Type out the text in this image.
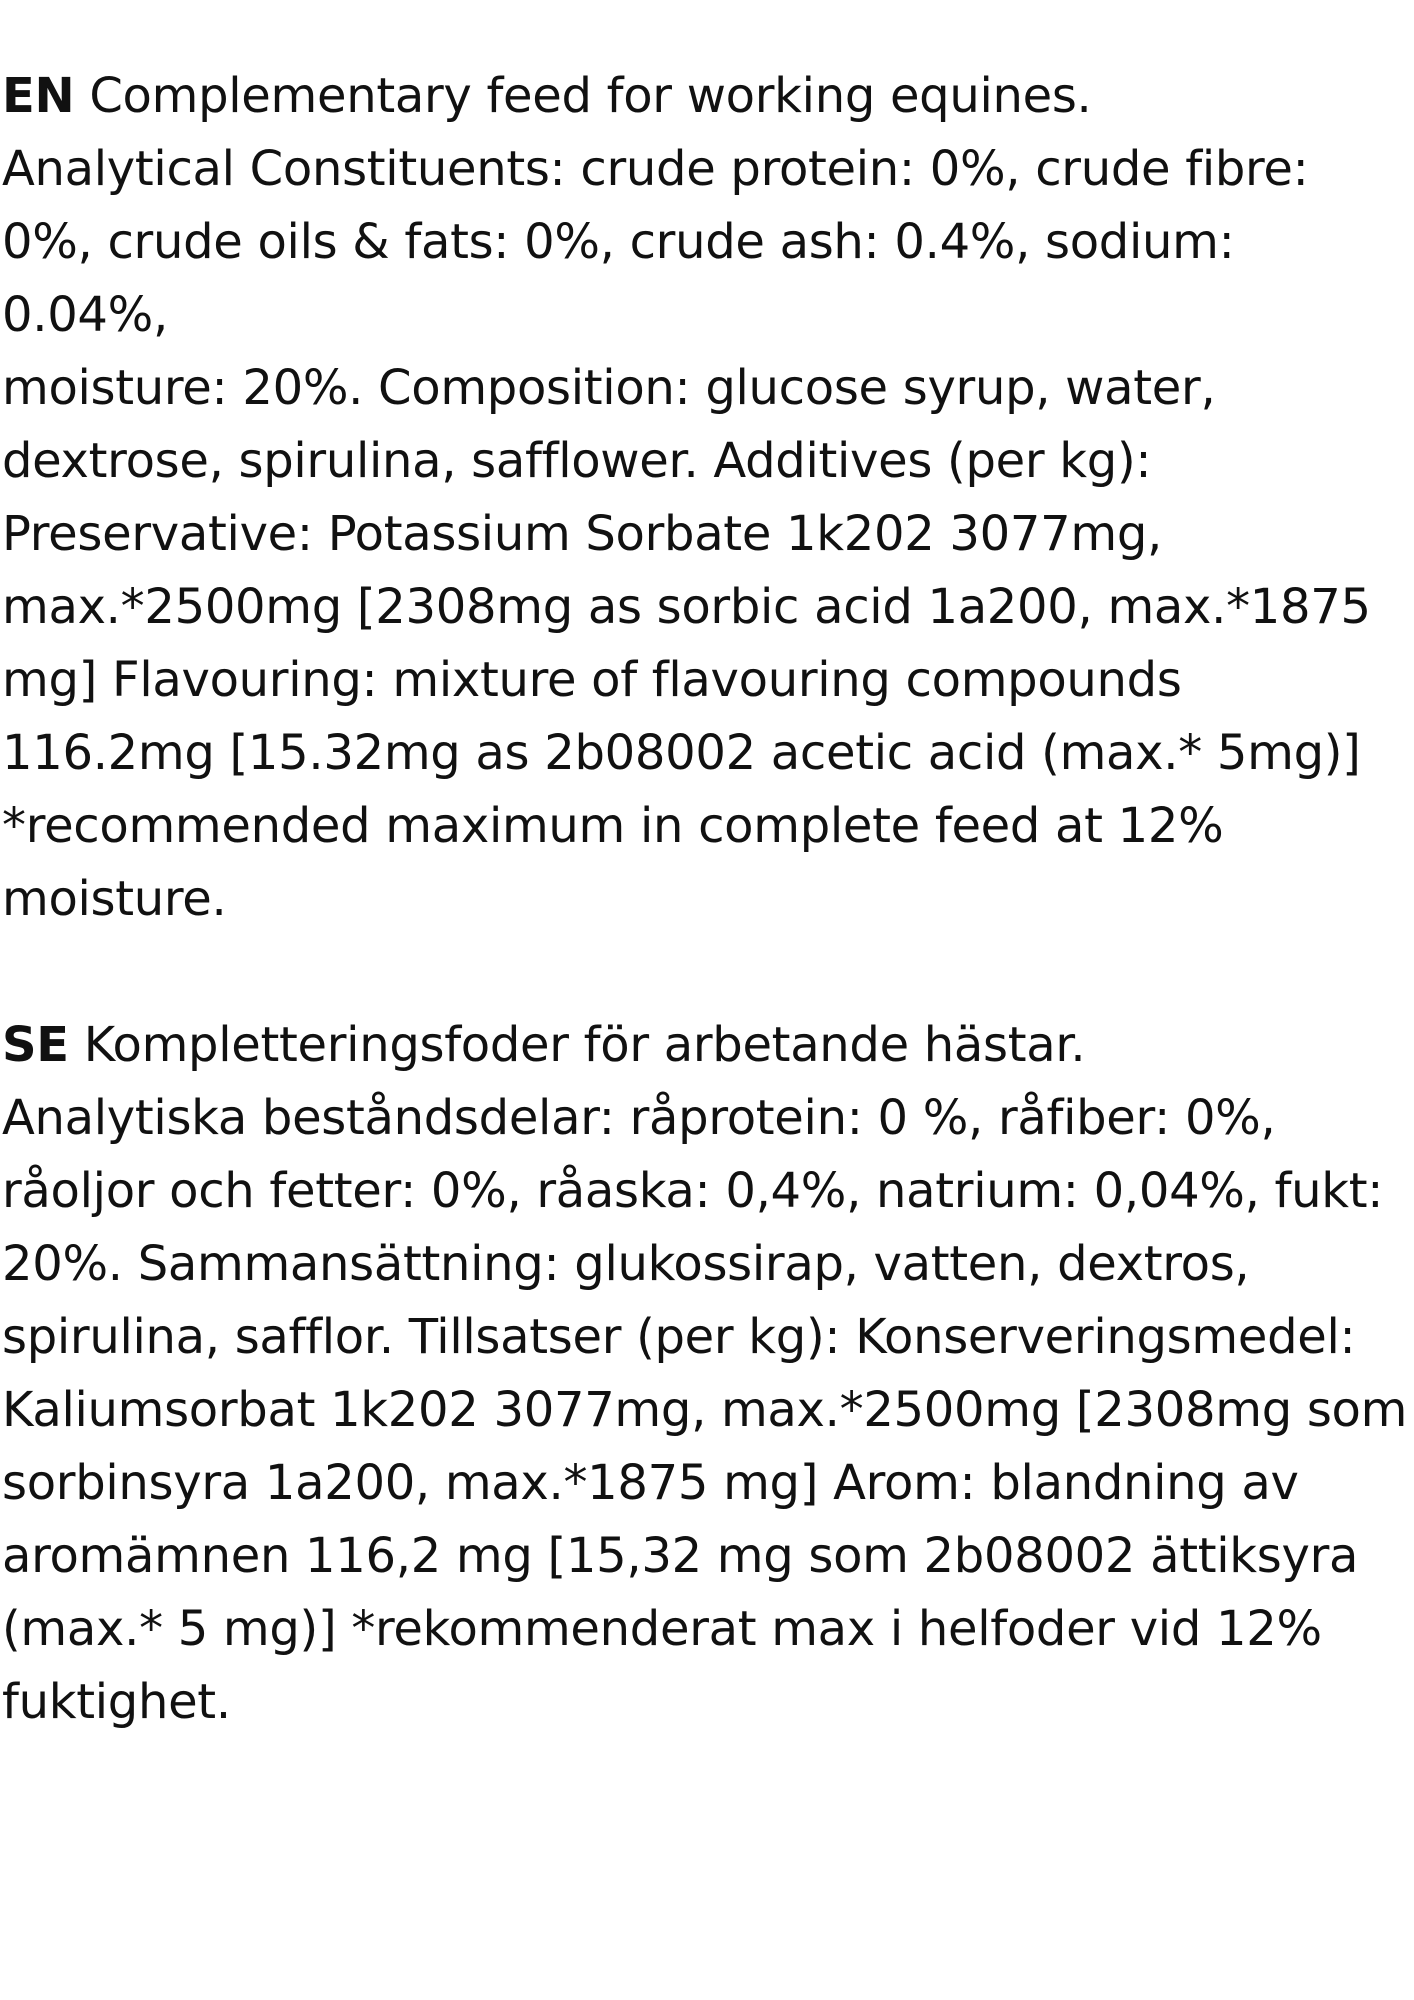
EN Complementary feed for working equines.
Analytical Constituents: crude protein: 0%, crude fibre:
0%, crude oils & fats: 0%, crude ash: 0.4%, sodium: 0.04%,
moisture: 20%. Composition: glucose syrup, water,
dextrose, spirulina, safflower. Additives (per kg):
Preservative: Potassium Sorbate 1k202 3077mg,
max.*2500mg [2308mg as sorbic acid 1a200, max.*1875
mg] Flavouring: mixture of flavouring compounds
116.2mg [15.32mg as 2b08002 acetic acid (max.* 5mg)]
*recommended maximum in complete feed at 12%
moisture.

SE Kompletteringsfoder för arbetande hästar.
Analytiska beståndsdelar: råprotein: 0 %, råfiber: 0%,
råoljor och fetter: 0%, råaska: 0,4%, natrium: 0,04%, fukt:
20%. Sammansättning: glukossirap, vatten, dextros,
spirulina, safflor. Tillsatser (per kg): Konserveringsmedel:
Kaliumsorbat 1k202 3077mg, max.*2500mg [2308mg som
sorbinsyra 1a200, max.*1875 mg] Arom: blandning av
aromämnen 116,2 mg [15,32 mg som 2b08002 ättiksyra
(max.* 5 mg)] *rekommenderat max i helfoder vid 12%
fuktighet.
